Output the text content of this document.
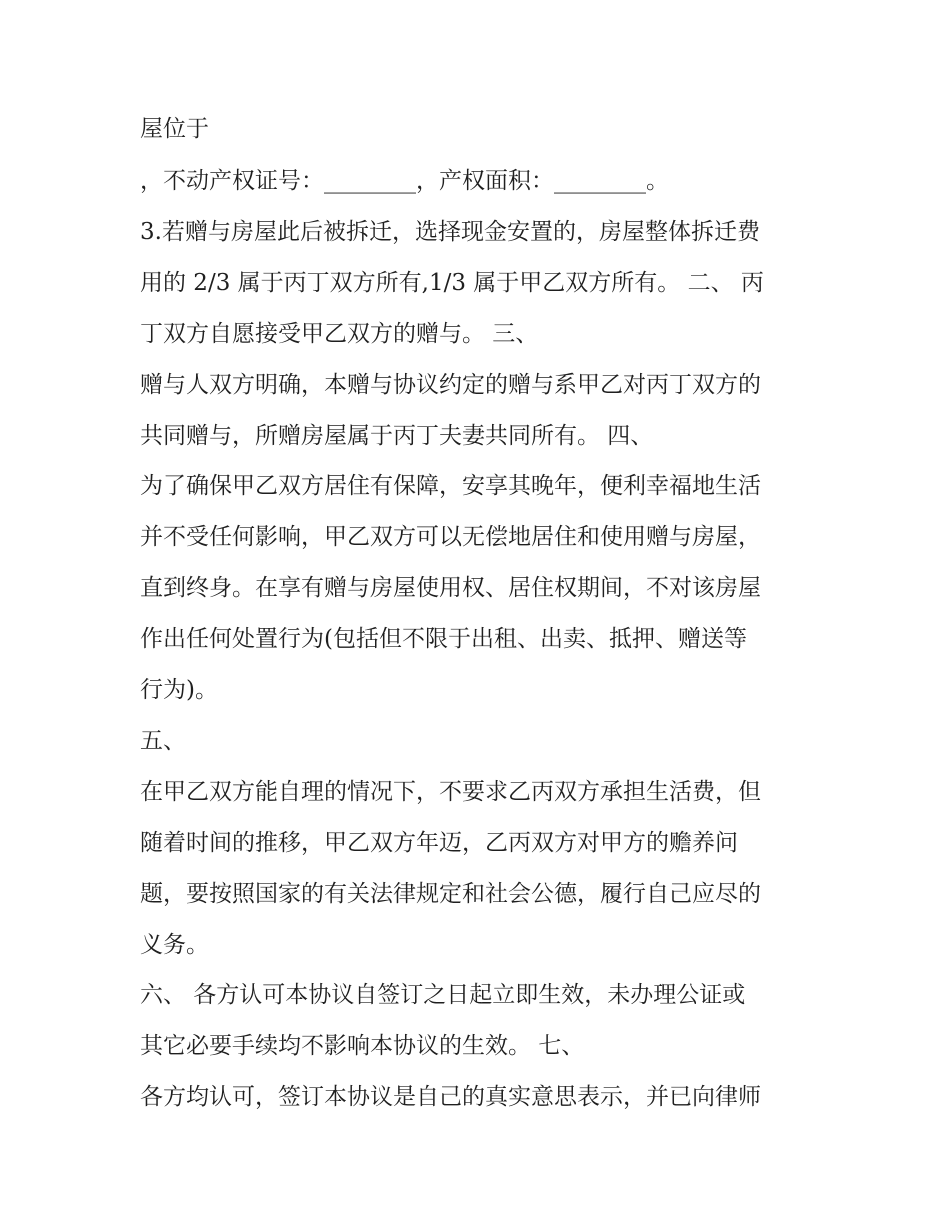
屋位于
，不动产权证号：________，产权面积：________。
3.若赠与房屋此后被拆迁，选择现金安置的，房屋整体拆迁费
用的 2/3 属于丙丁双方所有,1/3 属于甲乙双方所有。 二、 丙
丁双方自愿接受甲乙双方的赠与。 三、
赠与人双方明确，本赠与协议约定的赠与系甲乙对丙丁双方的
共同赠与，所赠房屋属于丙丁夫妻共同所有。 四、
为了确保甲乙双方居住有保障，安享其晚年，便利幸福地生活
并不受任何影响，甲乙双方可以无偿地居住和使用赠与房屋，
直到终身。在享有赠与房屋使用权、居住权期间，不对该房屋
作出任何处置行为(包括但不限于出租、出卖、抵押、赠送等
行为)。
五、
在甲乙双方能自理的情况下，不要求乙丙双方承担生活费，但
随着时间的推移，甲乙双方年迈，乙丙双方对甲方的赡养问
题，要按照国家的有关法律规定和社会公德，履行自己应尽的
义务。
六、 各方认可本协议自签订之日起立即生效，未办理公证或
其它必要手续均不影响本协议的生效。 七、
各方均认可，签订本协议是自己的真实意思表示，并已向律师
